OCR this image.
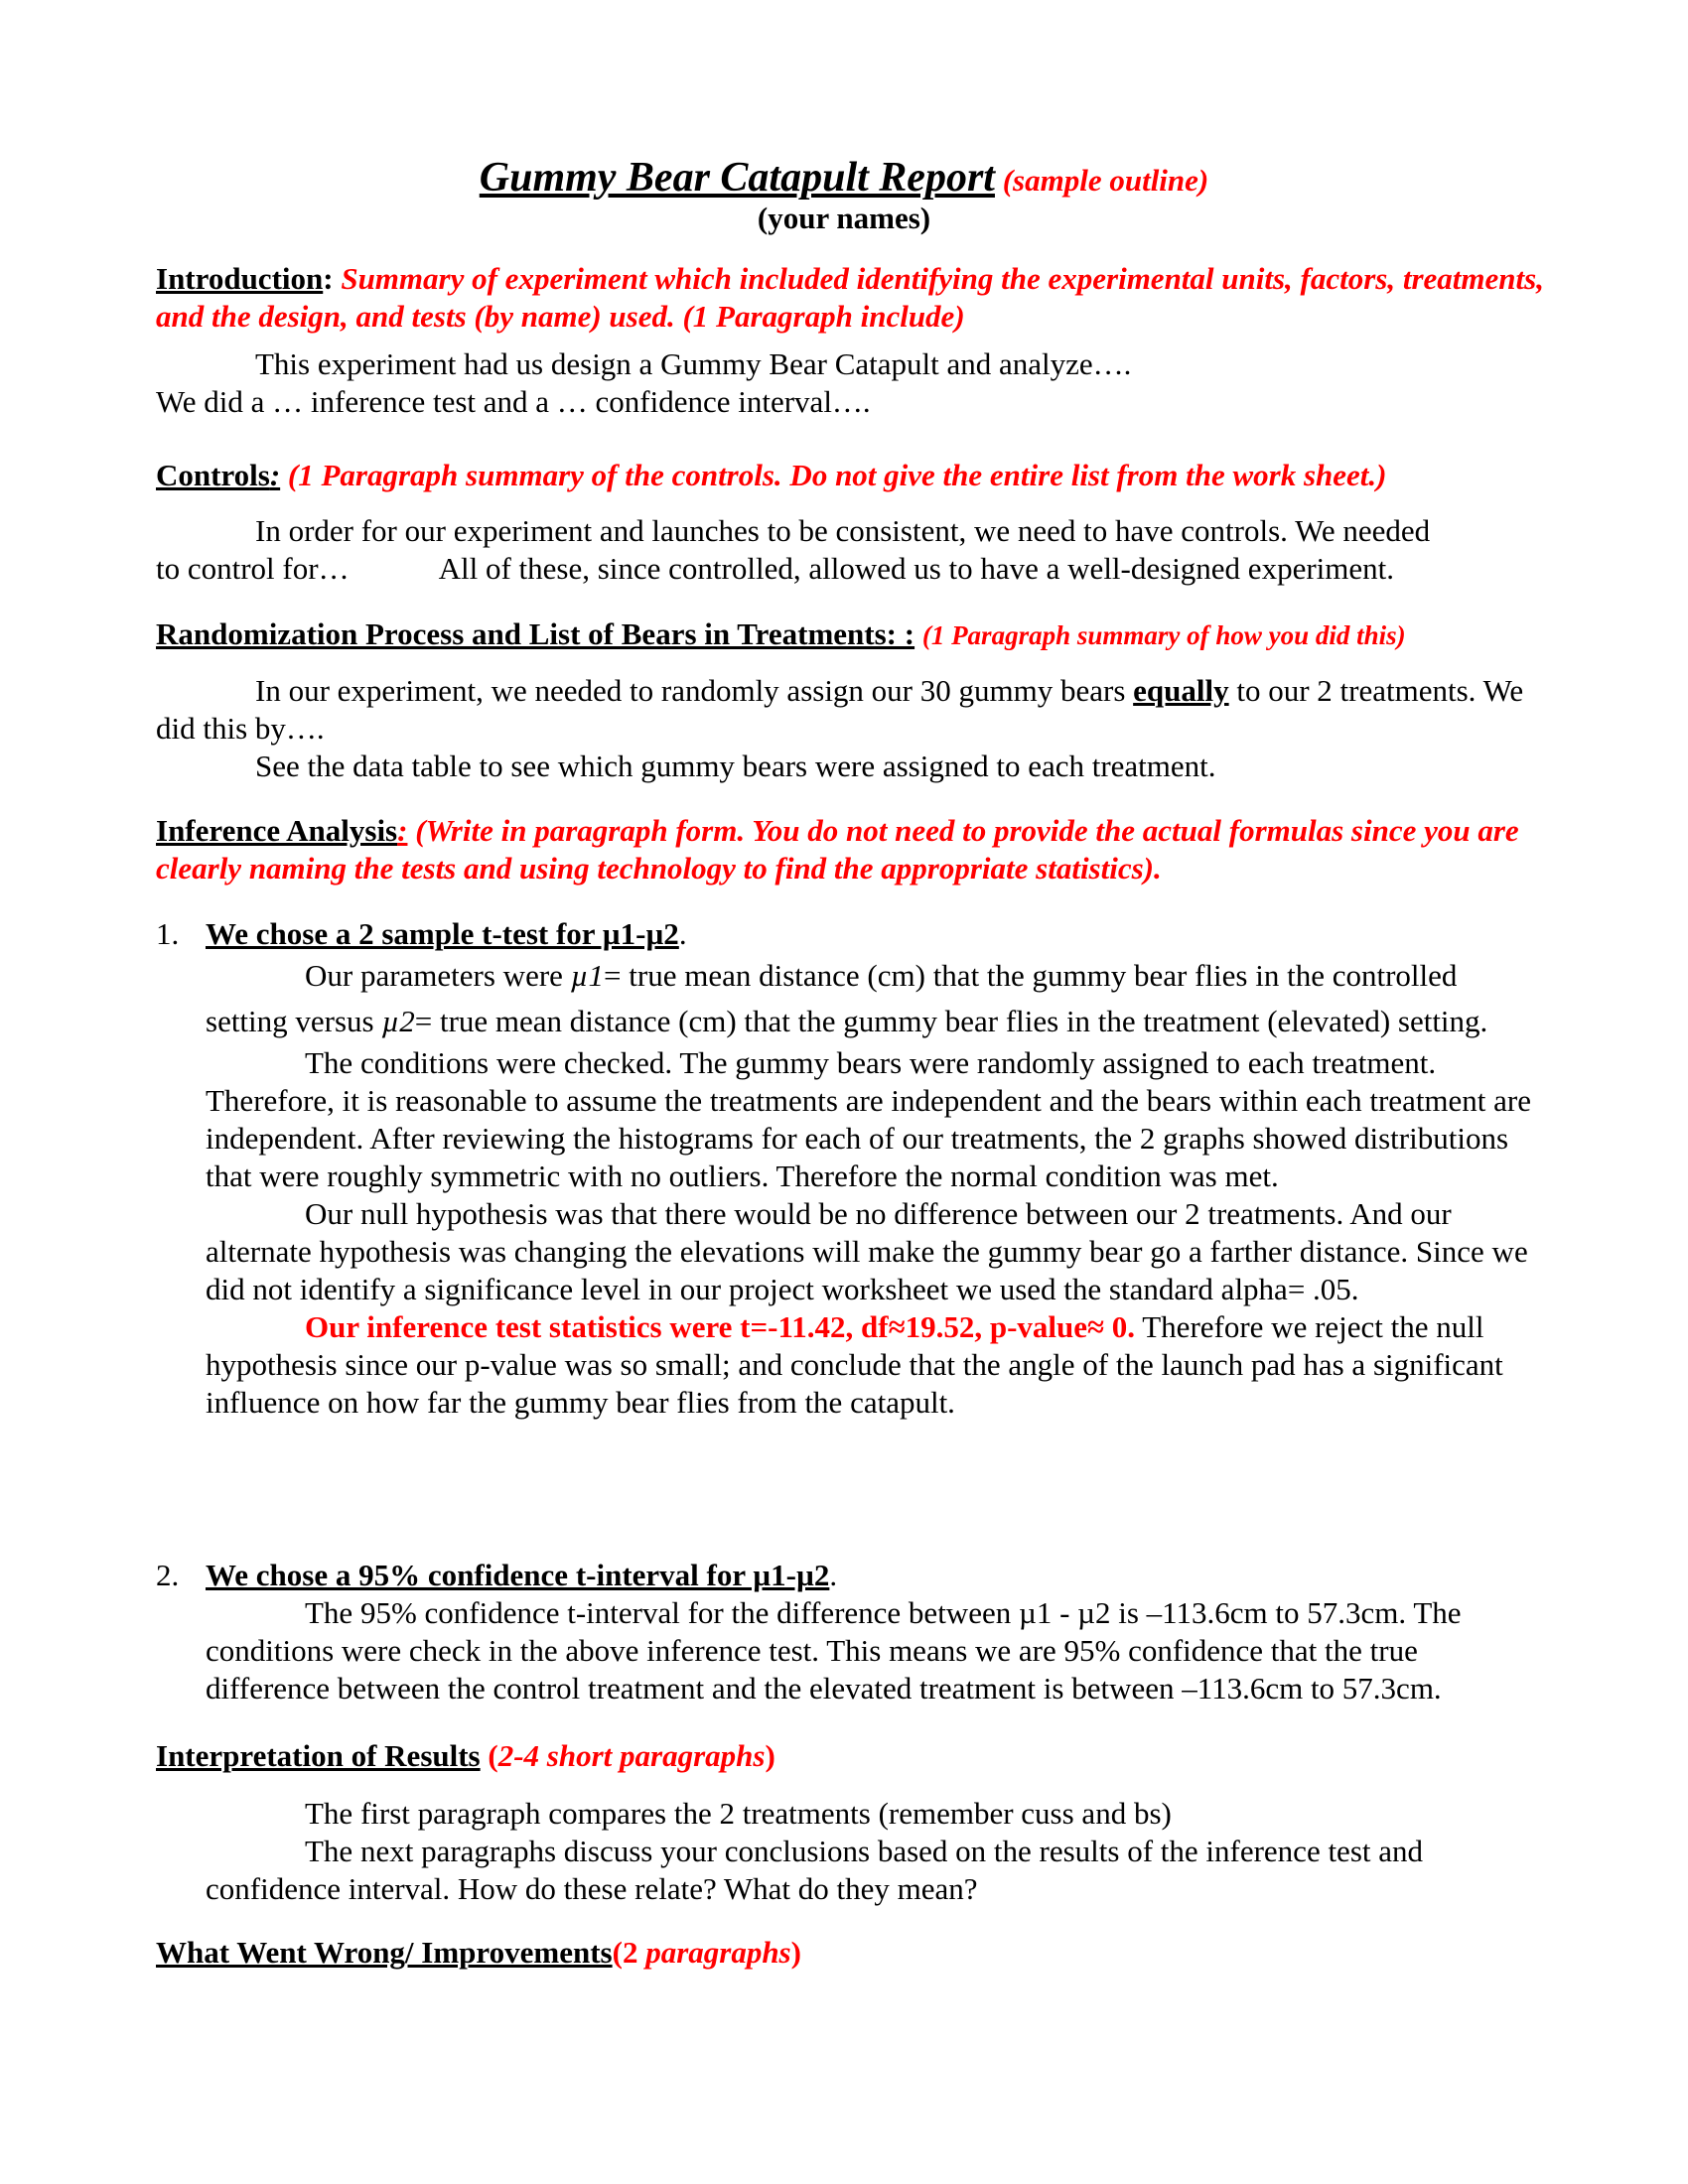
Gummy Bear Catapult Report (sample outline)
(your names)

Introduction: Summary of experiment which included identifying the experimental units, factors, treatments, and the design, and tests (by name) used. (1 Paragraph include)

This experiment had us design a Gummy Bear Catapult and analyze….

We did a … inference test and a … confidence interval….

Controls: (1 Paragraph summary of the controls. Do not give the entire list from the work sheet.)

In order for our experiment and launches to be consistent, we need to have controls. We needed

to control for…	All of these, since controlled, allowed us to have a well-designed experiment.

Randomization Process and List of Bears in Treatments: : (1 Paragraph summary of how you did this)

In our experiment, we needed to randomly assign our 30 gummy bears equally to our 2 treatments. We did this by….

See the data table to see which gummy bears were assigned to each treatment.

Inference Analysis: (Write in paragraph form. You do not need to provide the actual formulas since you are clearly naming the tests and using technology to find the appropriate statistics).

1. We chose a 2 sample t-test for µ1-µ2.

Our parameters were µ1= true mean distance (cm) that the gummy bear flies in the controlled setting versus µ2= true mean distance (cm) that the gummy bear flies in the treatment (elevated) setting.

The conditions were checked. The gummy bears were randomly assigned to each treatment. Therefore, it is reasonable to assume the treatments are independent and the bears within each treatment are independent. After reviewing the histograms for each of our treatments, the 2 graphs showed distributions that were roughly symmetric with no outliers. Therefore the normal condition was met.

Our null hypothesis was that there would be no difference between our 2 treatments. And our alternate hypothesis was changing the elevations will make the gummy bear go a farther distance. Since we did not identify a significance level in our project worksheet we used the standard alpha= .05.

Our inference test statistics were t=-11.42, df≈19.52, p-value≈ 0. Therefore we reject the null hypothesis since our p-value was so small; and conclude that the angle of the launch pad has a significant influence on how far the gummy bear flies from the catapult.

2. We chose a 95% confidence t-interval for µ1-µ2.

The 95% confidence t-interval for the difference between µ1 - µ2 is –113.6cm to 57.3cm. The conditions were check in the above inference test. This means we are 95% confidence that the true difference between the control treatment and the elevated treatment is between –113.6cm to 57.3cm.

Interpretation of Results (2-4 short paragraphs)

The first paragraph compares the 2 treatments (remember cuss and bs)

The next paragraphs discuss your conclusions based on the results of the inference test and confidence interval. How do these relate? What do they mean?

What Went Wrong/ Improvements(2 paragraphs)
